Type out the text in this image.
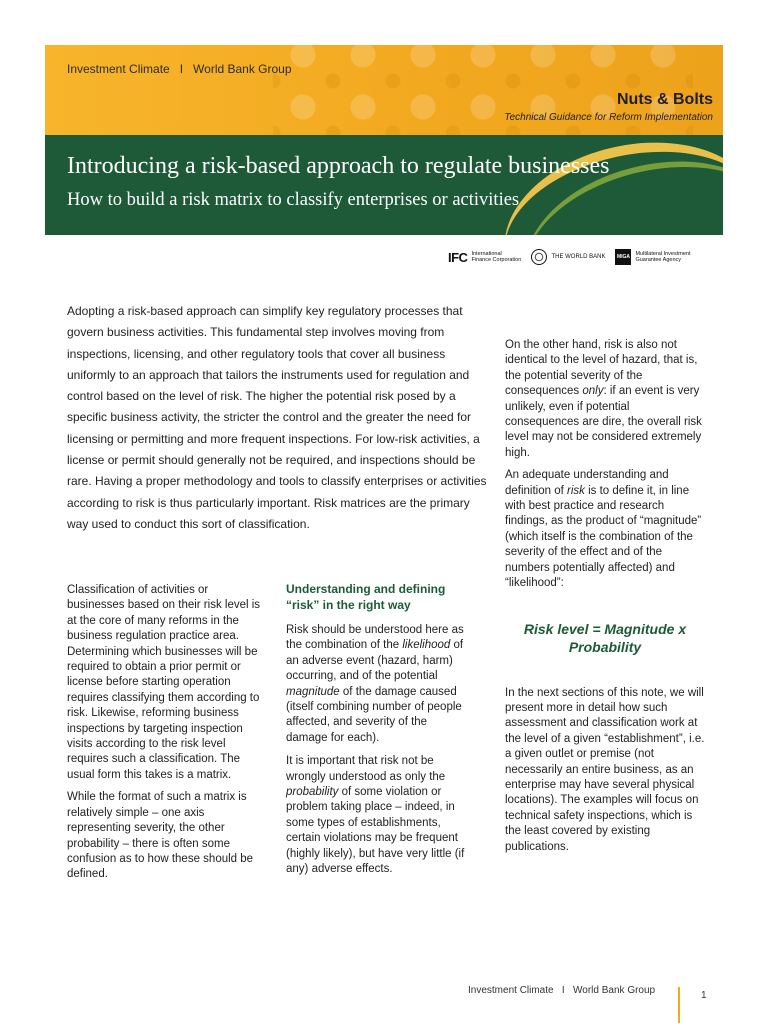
Investment Climate   I   World Bank Group
Nuts & Bolts
Technical Guidance for Reform Implementation
Introducing a risk-based approach to regulate businesses
How to build a risk matrix to classify enterprises or activities
IFC International Finance Corporation	THE WORLD BANK MIGA Multilateral Investment Guarantee Agency

Adopting a risk-based approach can simplify key regulatory processes that govern business activities. This fundamental step involves moving from inspections, licensing, and other regulatory tools that cover all business uniformly to an approach that tailors the instruments used for regulation and control based on the level of risk. The higher the potential risk posed by a specific business activity, the stricter the control and the greater the need for licensing or permitting and more frequent inspections. For low-risk activities, a license or permit should generally not be required, and inspections should be rare. Having a proper methodology and tools to classify enterprises or activities according to risk is thus particularly important. Risk matrices are the primary way used to conduct this sort of classification.

Classification of activities or businesses based on their risk level is at the core of many reforms in the business regulation practice area. Determining which businesses will be required to obtain a prior permit or license before starting operation requires classifying them according to risk. Likewise, reforming business inspections by targeting inspection visits according to the risk level requires such a classification. The usual form this takes is a matrix.

While the format of such a matrix is relatively simple – one axis representing severity, the other probability – there is often some confusion as to how these should be defined.

Understanding and defining “risk” in the right way

Risk should be understood here as the combination of the likelihood of an adverse event (hazard, harm) occurring, and of the potential magnitude of the damage caused (itself combining number of people affected, and severity of the damage for each).

It is important that risk not be wrongly understood as only the probability of some violation or problem taking place – indeed, in some types of establishments, certain violations may be frequent (highly likely), but have very little (if any) adverse effects.

On the other hand, risk is also not identical to the level of hazard, that is, the potential severity of the consequences only: if an event is very unlikely, even if potential consequences are dire, the overall risk level may not be considered extremely high.

An adequate understanding and definition of risk is to define it, in line with best practice and research findings, as the product of “magnitude” (which itself is the combination of the severity of the effect and of the numbers potentially affected) and “likelihood”:

Risk level = Magnitude x Probability

In the next sections of this note, we will present more in detail how such assessment and classification work at the level of a given “establishment”, i.e. a given outlet or premise (not necessarily an entire business, as an enterprise may have several physical locations). The examples will focus on technical safety inspections, which is the least covered by existing publications.

Investment Climate   I   World Bank Group	1
